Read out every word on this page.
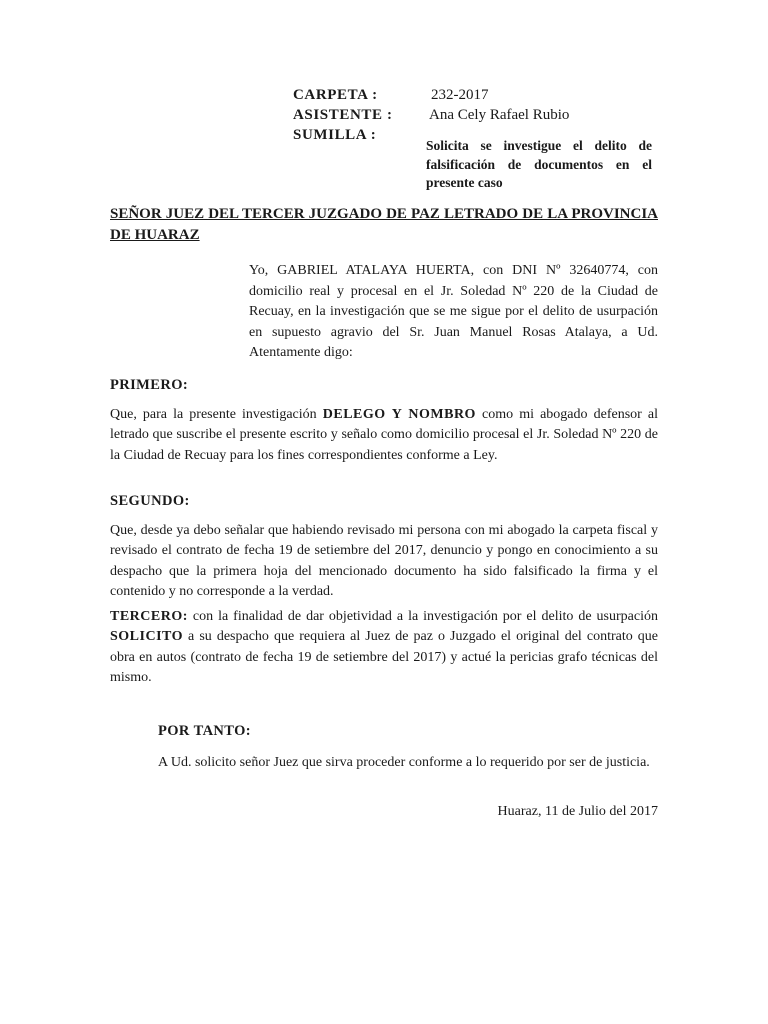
CARPETA :	232-2017
ASISTENTE : Ana Cely Rafael Rubio
SUMILLA :
Solicita se investigue el delito de falsificación de documentos en el presente caso
SEÑOR JUEZ DEL TERCER JUZGADO DE PAZ LETRADO DE LA PROVINCIA DE HUARAZ
Yo, GABRIEL ATALAYA HUERTA, con DNI Nº 32640774, con domicilio real y procesal en el Jr. Soledad Nº 220 de la Ciudad de Recuay, en la investigación que se me sigue por el delito de usurpación en supuesto agravio del Sr. Juan Manuel Rosas Atalaya, a Ud. Atentamente digo:
PRIMERO:
Que, para la presente investigación DELEGO Y NOMBRO como mi abogado defensor al letrado que suscribe el presente escrito y señalo como domicilio procesal el Jr. Soledad Nº 220 de la Ciudad de Recuay para los fines correspondientes conforme a Ley.
SEGUNDO:
Que, desde ya debo señalar que habiendo revisado mi persona con mi abogado la carpeta fiscal y revisado el contrato de fecha 19 de setiembre del 2017, denuncio y pongo en conocimiento a su despacho que la primera hoja del mencionado documento ha sido falsificado la firma y el contenido y no corresponde a la verdad.
TERCERO: con la finalidad de dar objetividad a la investigación por el delito de usurpación SOLICITO a su despacho que requiera al Juez de paz o Juzgado el original del contrato que obra en autos (contrato de fecha 19 de setiembre del 2017) y actué la pericias grafo técnicas del mismo.
POR TANTO:
A Ud. solicito señor Juez que sirva proceder conforme a lo requerido por ser de justicia.
Huaraz, 11 de Julio del 2017
